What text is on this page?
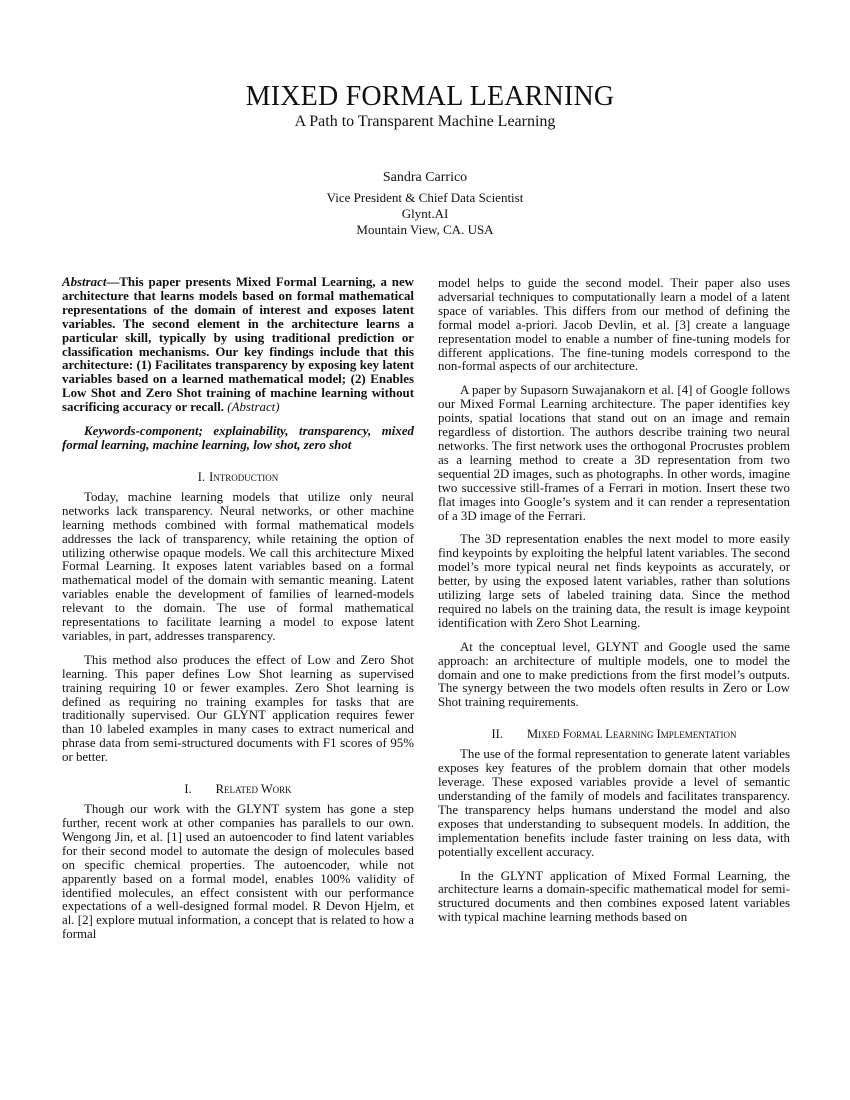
MIXED FORMAL LEARNING
A Path to Transparent Machine Learning
Sandra Carrico
Vice President & Chief Data Scientist
Glynt.AI
Mountain View, CA. USA

Abstract—This paper presents Mixed Formal Learning, a new architecture that learns models based on formal mathematical representations of the domain of interest and exposes latent variables. The second element in the architecture learns a particular skill, typically by using traditional prediction or classification mechanisms. Our key findings include that this architecture: (1) Facilitates transparency by exposing key latent variables based on a learned mathematical model; (2) Enables Low Shot and Zero Shot training of machine learning without sacrificing accuracy or recall. (Abstract)

Keywords-component; explainability, transparency, mixed formal learning, machine learning, low shot, zero shot

I. Introduction

Today, machine learning models that utilize only neural networks lack transparency. Neural networks, or other machine learning methods combined with formal mathematical models addresses the lack of transparency, while retaining the option of utilizing otherwise opaque models. We call this architecture Mixed Formal Learning. It exposes latent variables based on a formal mathematical model of the domain with semantic meaning. Latent variables enable the development of families of learned-models relevant to the domain. The use of formal mathematical representations to facilitate learning a model to expose latent variables, in part, addresses transparency.

This method also produces the effect of Low and Zero Shot learning. This paper defines Low Shot learning as supervised training requiring 10 or fewer examples. Zero Shot learning is defined as requiring no training examples for tasks that are traditionally supervised. Our GLYNT application requires fewer than 10 labeled examples in many cases to extract numerical and phrase data from semi-structured documents with F1 scores of 95% or better.

I. Related Work

Though our work with the GLYNT system has gone a step further, recent work at other companies has parallels to our own. Wengong Jin, et al. [1] used an autoencoder to find latent variables for their second model to automate the design of molecules based on specific chemical properties. The autoencoder, while not apparently based on a formal model, enables 100% validity of identified molecules, an effect consistent with our performance expectations of a well-designed formal model. R Devon Hjelm, et al. [2] explore mutual information, a concept that is related to how a formal

model helps to guide the second model. Their paper also uses adversarial techniques to computationally learn a model of a latent space of variables. This differs from our method of defining the formal model a-priori. Jacob Devlin, et al. [3] create a language representation model to enable a number of fine-tuning models for different applications. The fine-tuning models correspond to the non-formal aspects of our architecture.

A paper by Supasorn Suwajanakorn et al. [4] of Google follows our Mixed Formal Learning architecture. The paper identifies key points, spatial locations that stand out on an image and remain regardless of distortion. The authors describe training two neural networks. The first network uses the orthogonal Procrustes problem as a learning method to create a 3D representation from two sequential 2D images, such as photographs. In other words, imagine two successive still-frames of a Ferrari in motion. Insert these two flat images into Google’s system and it can render a representation of a 3D image of the Ferrari.

The 3D representation enables the next model to more easily find keypoints by exploiting the helpful latent variables. The second model’s more typical neural net finds keypoints as accurately, or better, by using the exposed latent variables, rather than solutions utilizing large sets of labeled training data. Since the method required no labels on the training data, the result is image keypoint identification with Zero Shot Learning.

At the conceptual level, GLYNT and Google used the same approach: an architecture of multiple models, one to model the domain and one to make predictions from the first model’s outputs. The synergy between the two models often results in Zero or Low Shot training requirements.

II. Mixed Formal Learning Implementation

The use of the formal representation to generate latent variables exposes key features of the problem domain that other models leverage. These exposed variables provide a level of semantic understanding of the family of models and facilitates transparency. The transparency helps humans understand the model and also exposes that understanding to subsequent models. In addition, the implementation benefits include faster training on less data, with potentially excellent accuracy.

In the GLYNT application of Mixed Formal Learning, the architecture learns a domain-specific mathematical model for semi-structured documents and then combines exposed latent variables with typical machine learning methods based on
